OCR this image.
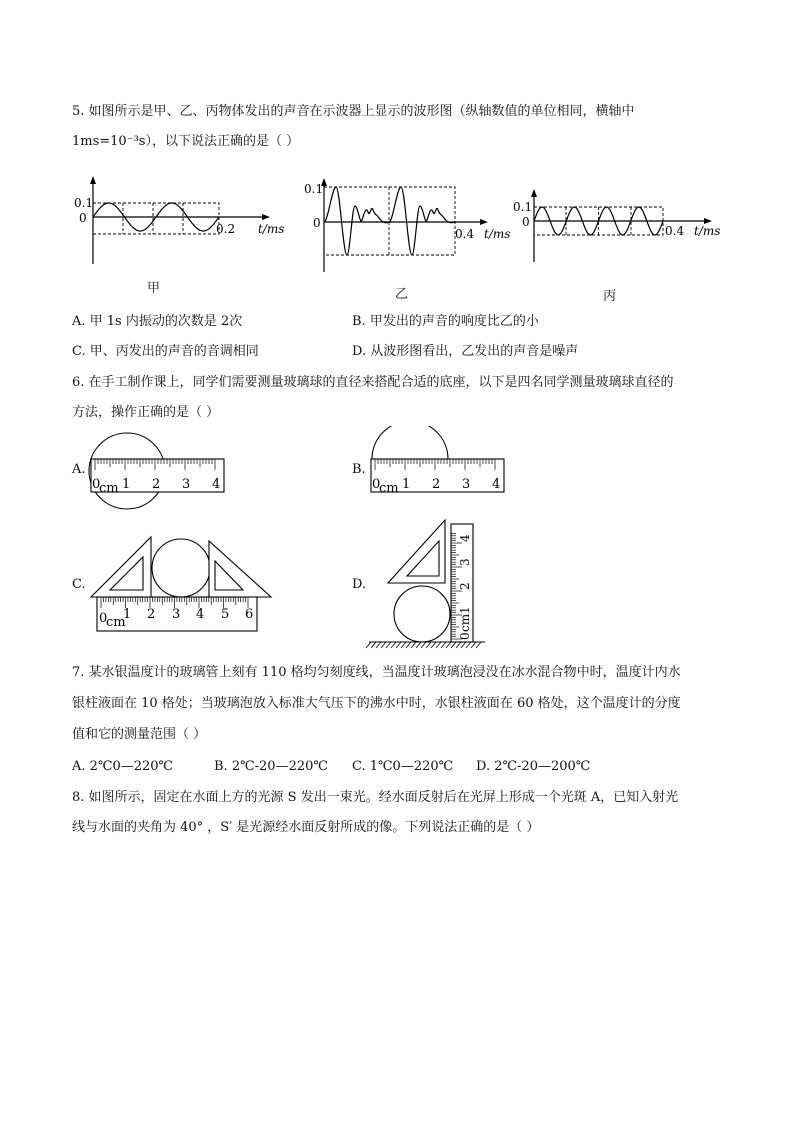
5. 如图所示是甲、乙、丙物体发出的声音在示波器上显示的波形图（纵轴数值的单位相同，横轴中
1ms=10⁻³s），以下说法正确的是（ ）
0.1
0
0.2 t/ms
甲
0.1
0
0.4 t/ms
乙
0.1
0
0.4 t/ms
丙
A. 甲 1s 内振动的次数是 2次	B. 甲发出的声音的响度比乙的小
C. 甲、丙发出的声音的音调相同	D. 从波形图看出，乙发出的声音是噪声
6. 在手工制作课上，同学们需要测量玻璃球的直径来搭配合适的底座，以下是四名同学测量玻璃球直径的
方法，操作正确的是（ ）
A.
0
cm 1 2 3 4
B.
0
cm 1 2 3 4
C.
0
cm
1 2 3 4 5 6
D.
0
cm
1
2
3
4
7. 某水银温度计的玻璃管上刻有 110 格均匀刻度线，当温度计玻璃泡浸没在冰水混合物中时，温度计内水
银柱液面在 10 格处；当玻璃泡放入标准大气压下的沸水中时，水银柱液面在 60 格处，这个温度计的分度
值和它的测量范围（ ）
A. 2℃0—220℃	B. 2℃-20—220℃ C. 1℃0—220℃ D. 2℃-20—200℃
8. 如图所示，固定在水面上方的光源 S 发出一束光。经水面反射后在光屏上形成一个光斑 A，已知入射光
线与水面的夹角为 40° ，S′ 是光源经水面反射所成的像。下列说法正确的是（ ）
